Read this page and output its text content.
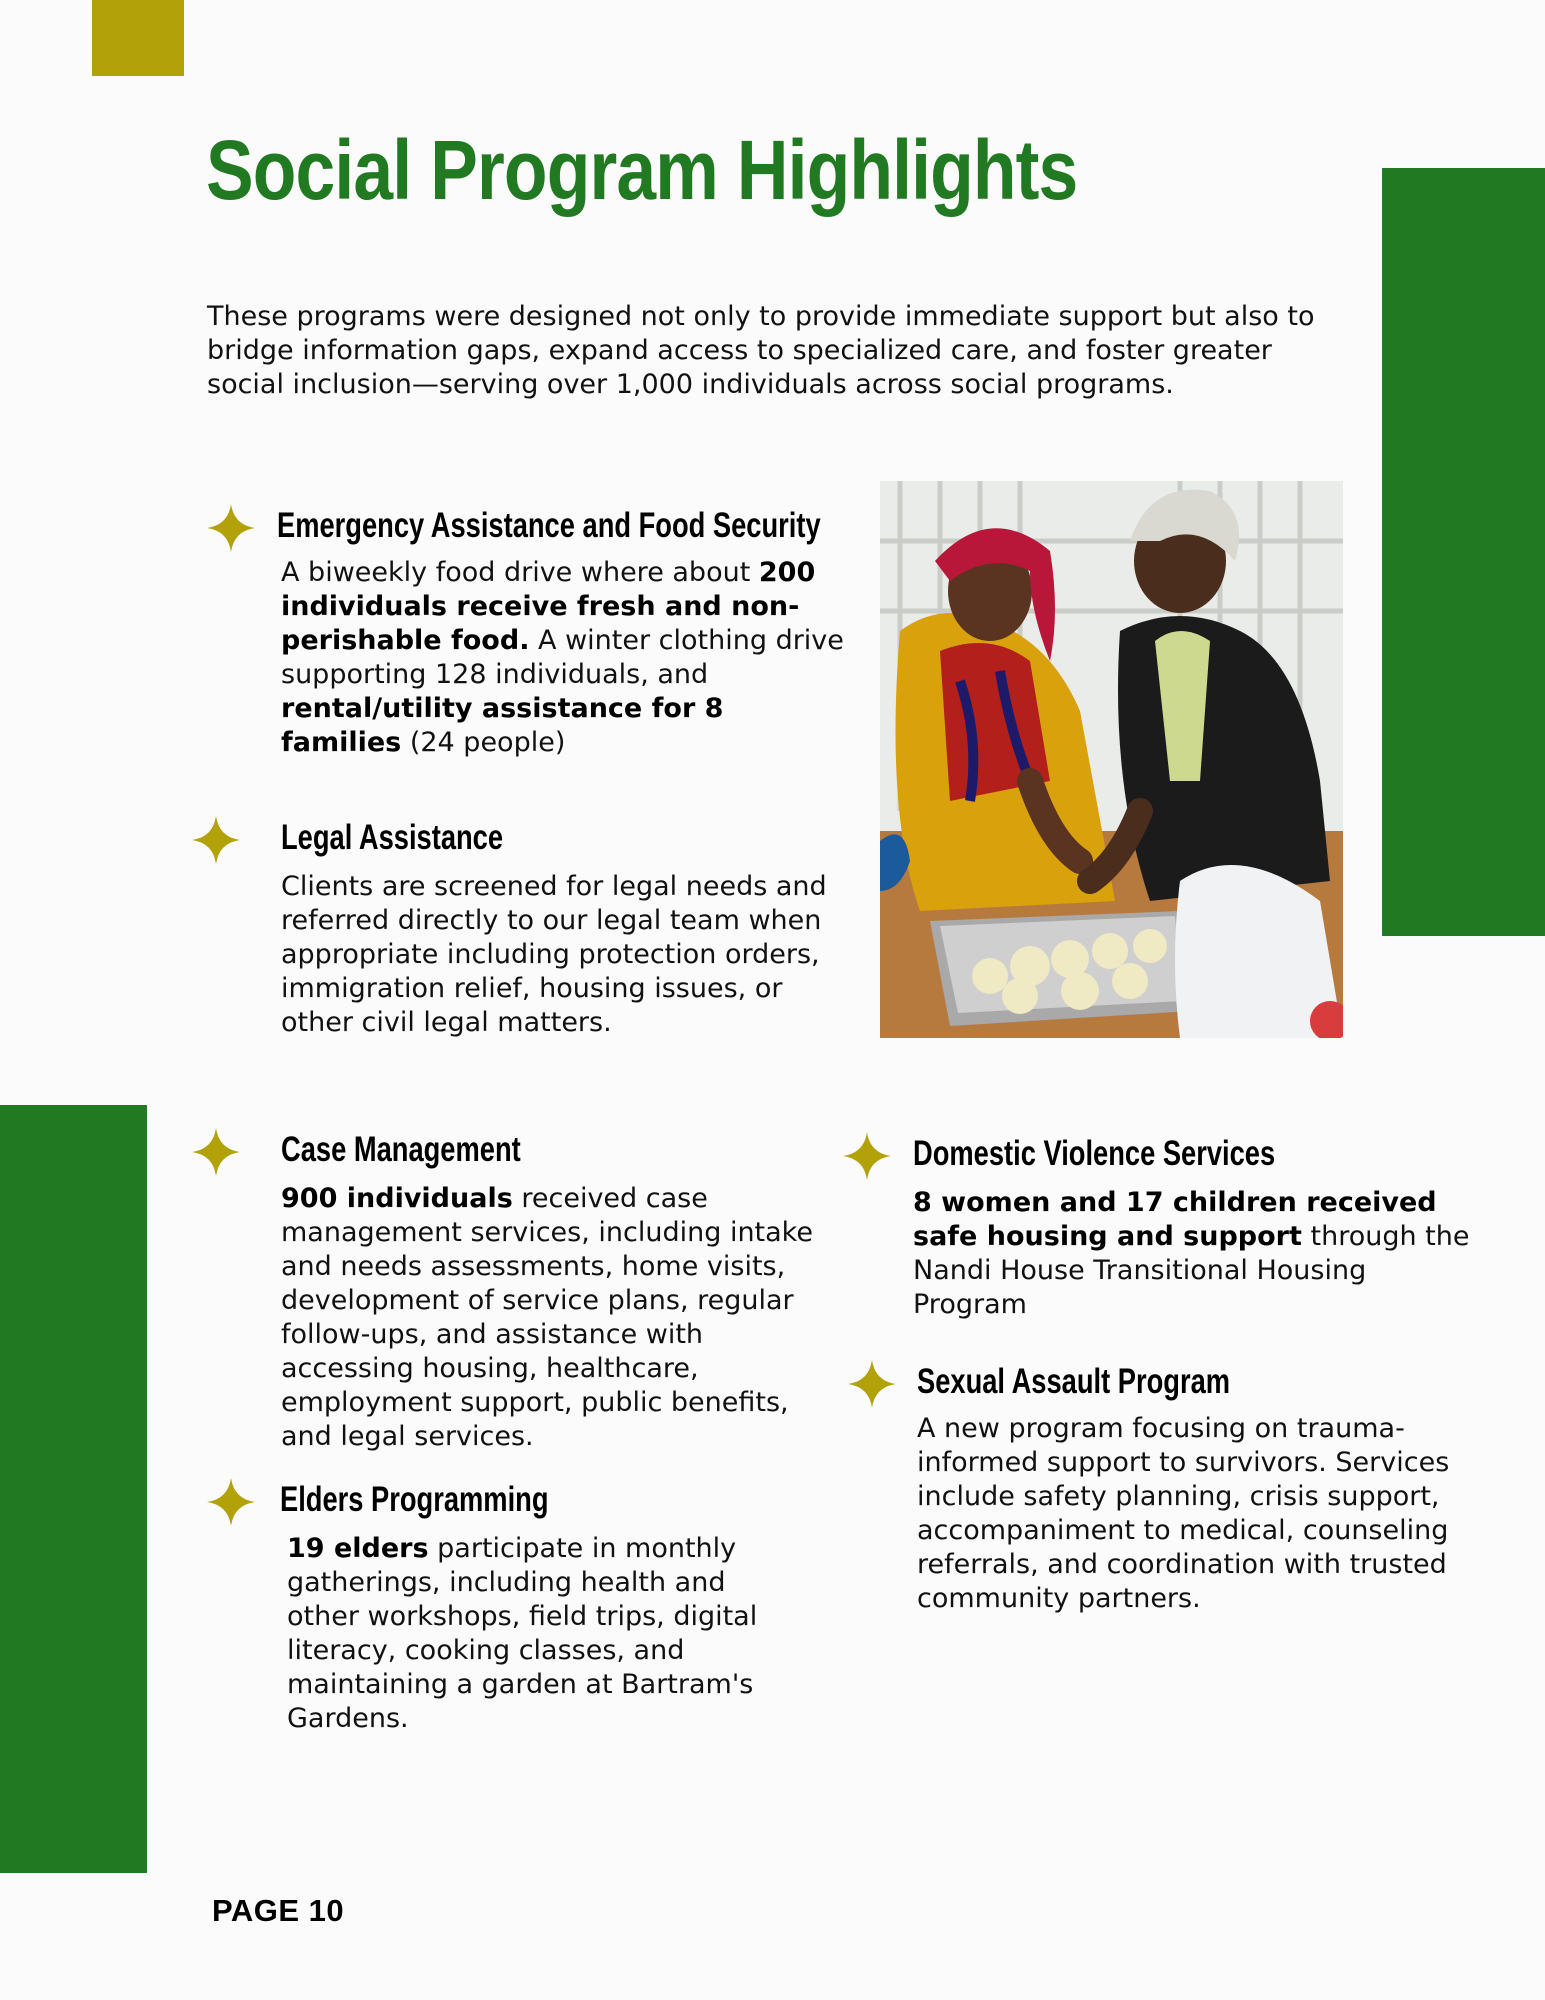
Social Program Highlights

These programs were designed not only to provide immediate support but also to bridge information gaps, expand access to specialized care, and foster greater social inclusion—serving over 1,000 individuals across social programs.

Emergency Assistance and Food Security

A biweekly food drive where about 200 individuals receive fresh and non-perishable food. A winter clothing drive supporting 128 individuals, and rental/utility assistance for 8 families (24 people)

Legal Assistance

Clients are screened for legal needs and referred directly to our legal team when appropriate including protection orders, immigration relief, housing issues, or other civil legal matters.

Case Management

900 individuals received case management services, including intake and needs assessments, home visits, development of service plans, regular follow-ups, and assistance with accessing housing, healthcare, employment support, public benefits, and legal services.

Elders Programming

19 elders participate in monthly gatherings, including health and other workshops, field trips, digital literacy, cooking classes, and maintaining a garden at Bartram's Gardens.

Domestic Violence Services

8 women and 17 children received safe housing and support through the Nandi House Transitional Housing Program

Sexual Assault Program

A new program focusing on trauma-informed support to survivors. Services include safety planning, crisis support, accompaniment to medical, counseling referrals, and coordination with trusted community partners.

PAGE 10
